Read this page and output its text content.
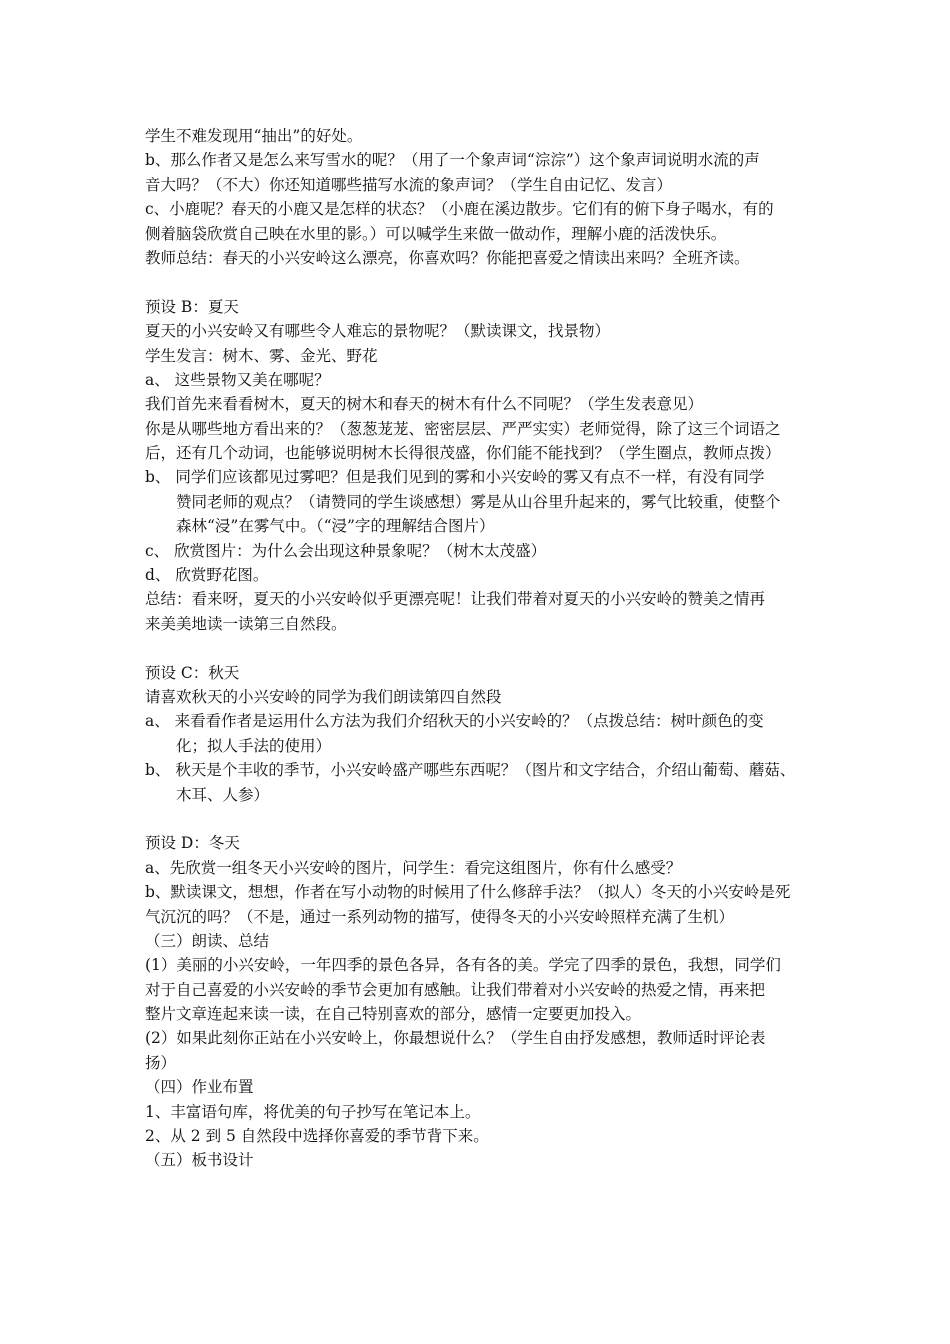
学生不难发现用“抽出”的好处。
b、那么作者又是怎么来写雪水的呢？（用了一个象声词“淙淙”）这个象声词说明水流的声
音大吗？（不大）你还知道哪些描写水流的象声词？（学生自由记忆、发言）
c、小鹿呢？春天的小鹿又是怎样的状态？（小鹿在溪边散步。它们有的俯下身子喝水，有的
侧着脑袋欣赏自己映在水里的影。）可以喊学生来做一做动作，理解小鹿的活泼快乐。
教师总结：春天的小兴安岭这么漂亮，你喜欢吗？你能把喜爱之情读出来吗？全班齐读。
预设 B：夏天
夏天的小兴安岭又有哪些令人难忘的景物呢？（默读课文，找景物）
学生发言：树木、雾、金光、野花
a、 这些景物又美在哪呢？
我们首先来看看树木，夏天的树木和春天的树木有什么不同呢？（学生发表意见）
你是从哪些地方看出来的？（葱葱茏茏、密密层层、严严实实）老师觉得，除了这三个词语之
后，还有几个动词，也能够说明树木长得很茂盛，你们能不能找到？（学生圈点，教师点拨）
b、 同学们应该都见过雾吧？但是我们见到的雾和小兴安岭的雾又有点不一样，有没有同学
赞同老师的观点？（请赞同的学生谈感想）雾是从山谷里升起来的，雾气比较重，使整个
森林“浸”在雾气中。（“浸”字的理解结合图片）
c、 欣赏图片：为什么会出现这种景象呢？（树木太茂盛）
d、 欣赏野花图。
总结：看来呀，夏天的小兴安岭似乎更漂亮呢！让我们带着对夏天的小兴安岭的赞美之情再
来美美地读一读第三自然段。
预设 C：秋天
请喜欢秋天的小兴安岭的同学为我们朗读第四自然段
a、 来看看作者是运用什么方法为我们介绍秋天的小兴安岭的？（点拨总结：树叶颜色的变
化；拟人手法的使用）
b、 秋天是个丰收的季节，小兴安岭盛产哪些东西呢？（图片和文字结合，介绍山葡萄、蘑菇、
木耳、人参）
预设 D：冬天
a、先欣赏一组冬天小兴安岭的图片，问学生：看完这组图片，你有什么感受？
b、默读课文，想想，作者在写小动物的时候用了什么修辞手法？（拟人）冬天的小兴安岭是死
气沉沉的吗？（不是，通过一系列动物的描写，使得冬天的小兴安岭照样充满了生机）
（三）朗读、总结
(1）美丽的小兴安岭，一年四季的景色各异，各有各的美。学完了四季的景色，我想，同学们
对于自己喜爱的小兴安岭的季节会更加有感触。让我们带着对小兴安岭的热爱之情，再来把
整片文章连起来读一读，在自己特别喜欢的部分，感情一定要更加投入。
(2）如果此刻你正站在小兴安岭上，你最想说什么？（学生自由抒发感想，教师适时评论表
扬）
（四）作业布置
1、丰富语句库，将优美的句子抄写在笔记本上。
2、从 2 到 5 自然段中选择你喜爱的季节背下来。
（五）板书设计
